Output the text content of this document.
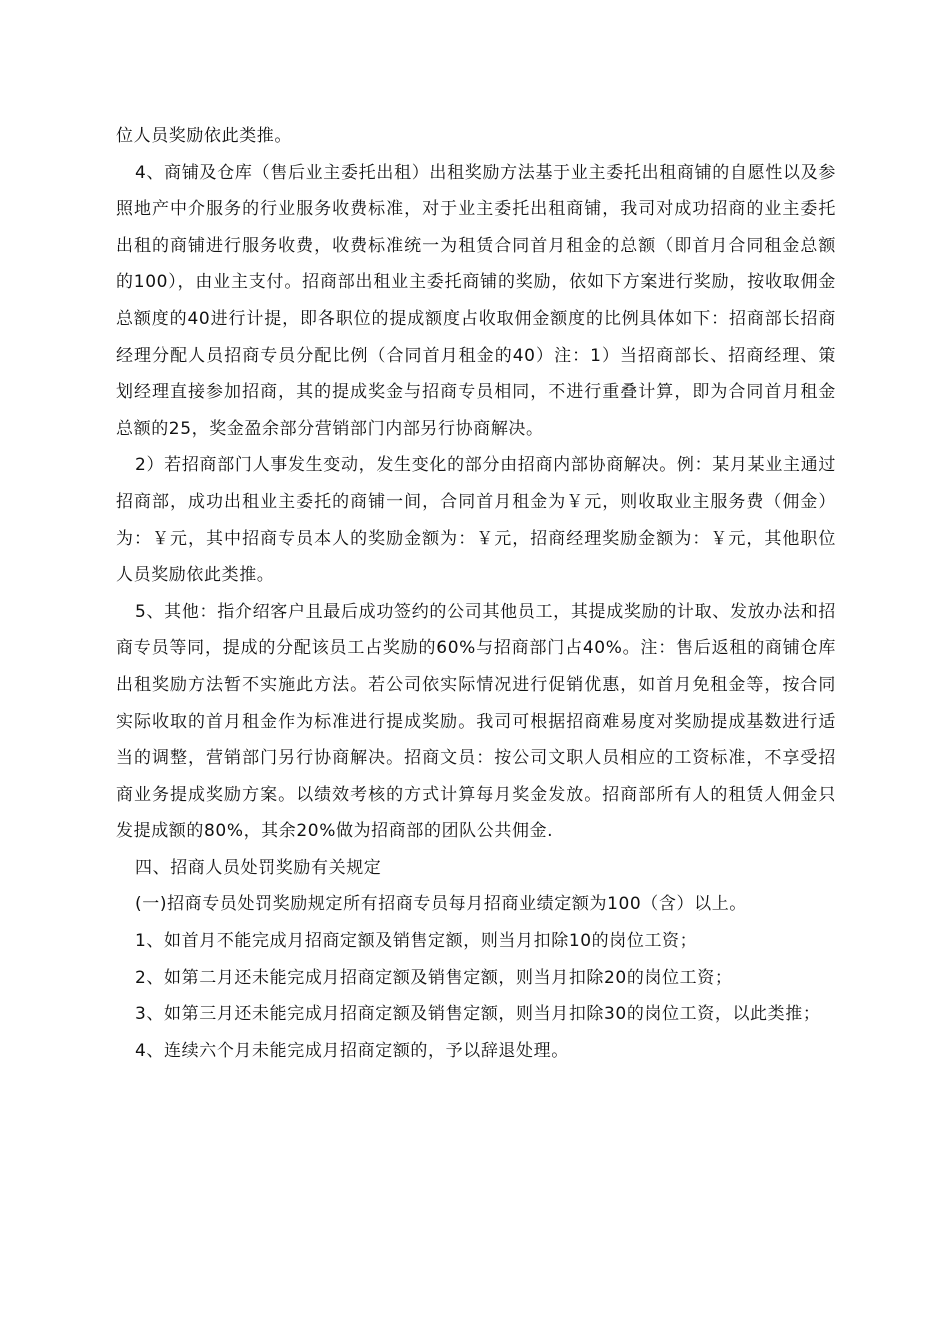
位人员奖励依此类推。

4、商铺及仓库（售后业主委托出租）出租奖励方法基于业主委托出租商铺的自愿性以及参照地产中介服务的行业服务收费标准，对于业主委托出租商铺，我司对成功招商的业主委托出租的商铺进行服务收费，收费标准统一为租赁合同首月租金的总额（即首月合同租金总额的100），由业主支付。招商部出租业主委托商铺的奖励，依如下方案进行奖励，按收取佣金总额度的40进行计提，即各职位的提成额度占收取佣金额度的比例具体如下：招商部长招商经理分配人员招商专员分配比例（合同首月租金的40）注：1）当招商部长、招商经理、策划经理直接参加招商，其的提成奖金与招商专员相同，不进行重叠计算，即为合同首月租金总额的25，奖金盈余部分营销部门内部另行协商解决。

2）若招商部门人事发生变动，发生变化的部分由招商内部协商解决。例：某月某业主通过招商部，成功出租业主委托的商铺一间，合同首月租金为￥元，则收取业主服务费（佣金）为：￥元，其中招商专员本人的奖励金额为：￥元，招商经理奖励金额为：￥元，其他职位人员奖励依此类推。

5、其他：指介绍客户且最后成功签约的公司其他员工，其提成奖励的计取、发放办法和招商专员等同，提成的分配该员工占奖励的60%与招商部门占40%。注：售后返租的商铺仓库出租奖励方法暂不实施此方法。若公司依实际情况进行促销优惠，如首月免租金等，按合同实际收取的首月租金作为标准进行提成奖励。我司可根据招商难易度对奖励提成基数进行适当的调整，营销部门另行协商解决。招商文员：按公司文职人员相应的工资标准，不享受招商业务提成奖励方案。以绩效考核的方式计算每月奖金发放。招商部所有人的租赁人佣金只发提成额的80%，其余20%做为招商部的团队公共佣金.

四、招商人员处罚奖励有关规定

(一)招商专员处罚奖励规定所有招商专员每月招商业绩定额为100（含）以上。

1、如首月不能完成月招商定额及销售定额，则当月扣除10的岗位工资；

2、如第二月还未能完成月招商定额及销售定额，则当月扣除20的岗位工资；

3、如第三月还未能完成月招商定额及销售定额，则当月扣除30的岗位工资，以此类推；

4、连续六个月未能完成月招商定额的，予以辞退处理。
